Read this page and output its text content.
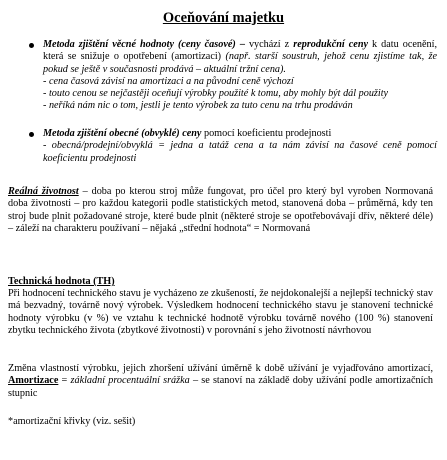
Oceňování majetku

Metoda zjištění věcné hodnoty (ceny časové) – vychází z reprodukční ceny k datu ocenění, která se snižuje o opotřebení (amortizaci) (např. starší soustruh, jehož cenu zjistíme tak, že pokud se ještě v současnosti prodává – aktuální tržní cena).

- cena časová závisí na amortizaci a na původní ceně výchozí

- touto cenou se nejčastěji oceňují výrobky použité k tomu, aby mohly být dál použity

- neříká nám nic o tom, jestli je tento výrobek za tuto cenu na trhu prodáván

Metoda zjištění obecné (obvyklé) ceny pomocí koeficientu prodejnosti

- obecná/prodejní/obvyklá = jedna a tatáž cena a ta nám závisí na časové ceně pomocí koeficientu prodejnosti

Reálná životnost – doba po kterou stroj může fungovat, pro účel pro který byl vyroben Normovaná doba životnosti – pro každou kategorii podle statistických metod, stanovená doba – průměrná, kdy ten stroj bude plnit požadované stroje, které bude plnit (některé stroje se opotřebovávají dřív, některé déle) – záleží na charakteru používaní – nějaká „střední hodnota“ = Normovaná
Technická hodnota (TH)
Při hodnocení technického stavu je vycházeno ze zkušeností, že nejdokonalejší a nejlepší technický stav má bezvadný, továrně nový výrobek. Výsledkem hodnocení technického stavu je stanovení technické hodnoty výrobku (v %) ve vztahu k technické hodnotě výrobku továrně nového (100 %) stanovení zbytku technického života (zbytkové životnosti) v porovnání s jeho životností návrhovou
Změna vlastností výrobku, jejich zhoršení užívání úměrně k době užívání je vyjadřováno amortizací, Amortizace = základní procentuální srážka – se stanoví na základě doby užívání podle amortizačních stupnic
*amortizační křivky (viz. sešit)
